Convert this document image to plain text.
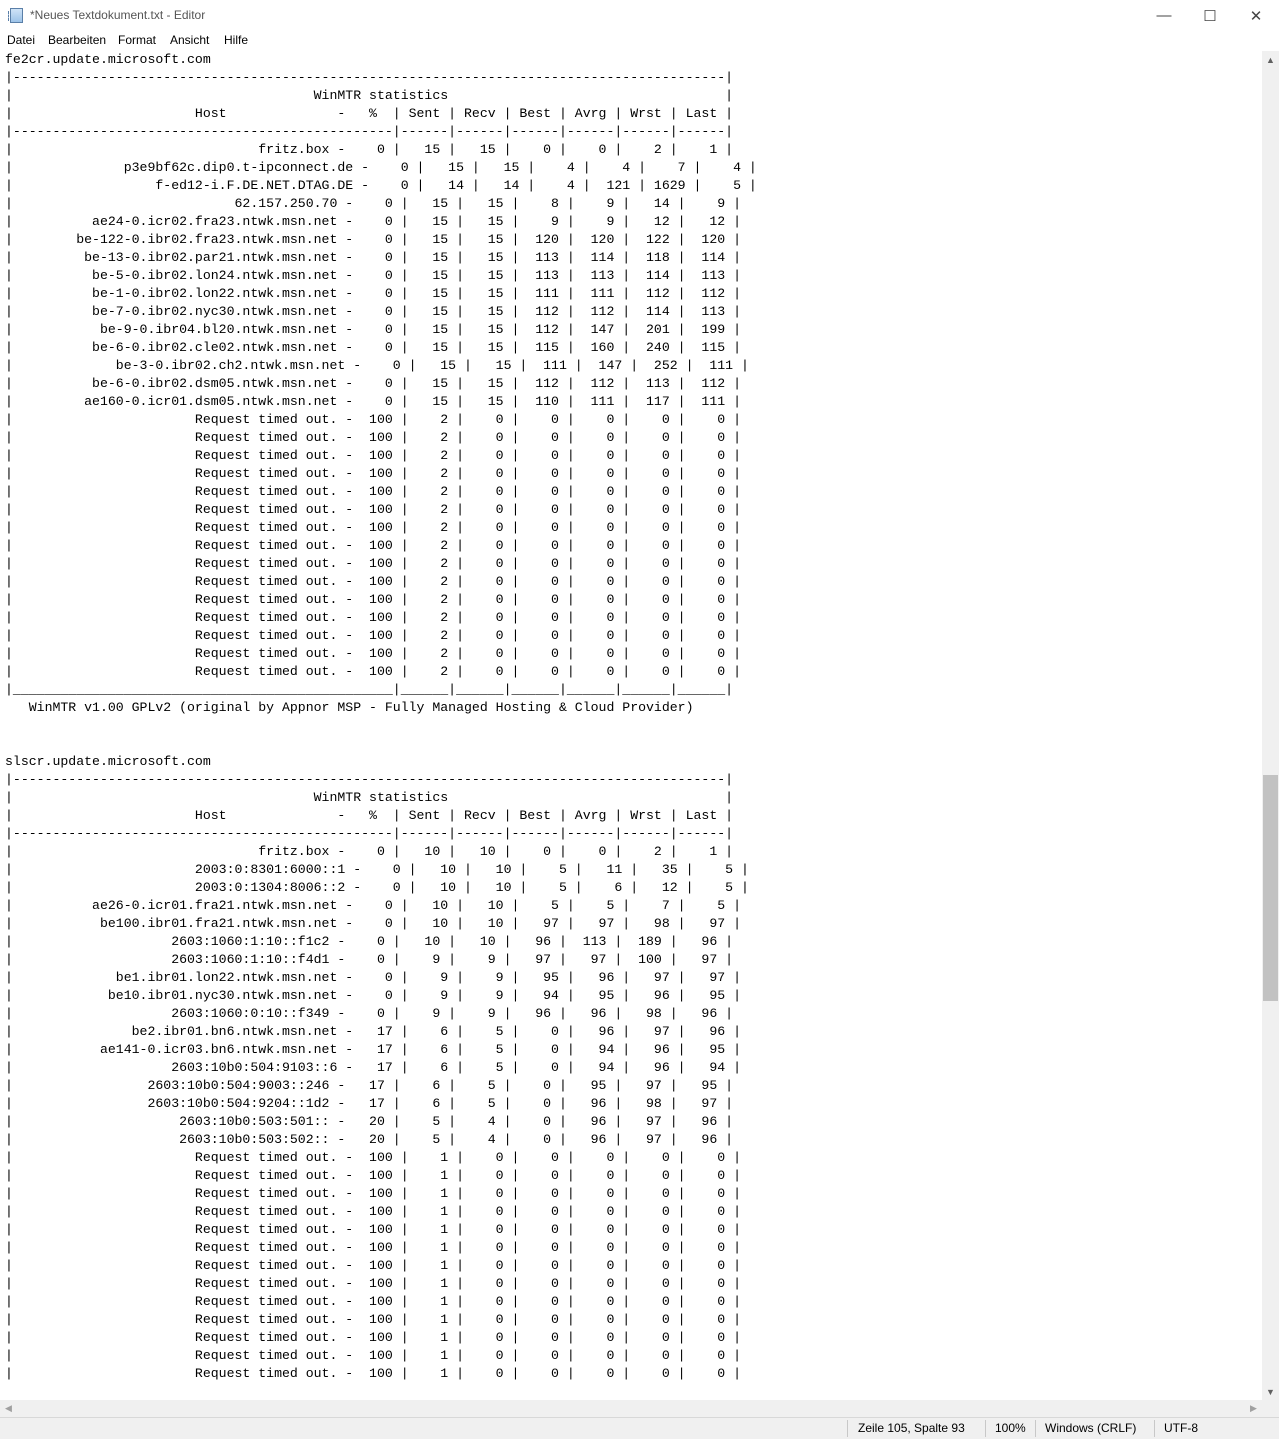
*Neues Textdokument.txt - Editor	—	☐	✕
Datei Bearbeiten Format Ansicht Hilfe
fe2cr.update.microsoft.com
|------------------------------------------------------------------------------------------|
|                                      WinMTR statistics                                   |
|                       Host              -   %  | Sent | Recv | Best | Avrg | Wrst | Last |
|------------------------------------------------|------|------|------|------|------|------|
|                               fritz.box -    0 |   15 |   15 |    0 |    0 |    2 |    1 |
|              p3e9bf62c.dip0.t-ipconnect.de -    0 |   15 |   15 |    4 |    4 |    7 |    4 |
|                  f-ed12-i.F.DE.NET.DTAG.DE -    0 |   14 |   14 |    4 |  121 | 1629 |    5 |
|                            62.157.250.70 -    0 |   15 |   15 |    8 |    9 |   14 |    9 |
|          ae24-0.icr02.fra23.ntwk.msn.net -    0 |   15 |   15 |    9 |    9 |   12 |   12 |
|        be-122-0.ibr02.fra23.ntwk.msn.net -    0 |   15 |   15 |  120 |  120 |  122 |  120 |
|         be-13-0.ibr02.par21.ntwk.msn.net -    0 |   15 |   15 |  113 |  114 |  118 |  114 |
|          be-5-0.ibr02.lon24.ntwk.msn.net -    0 |   15 |   15 |  113 |  113 |  114 |  113 |
|          be-1-0.ibr02.lon22.ntwk.msn.net -    0 |   15 |   15 |  111 |  111 |  112 |  112 |
|          be-7-0.ibr02.nyc30.ntwk.msn.net -    0 |   15 |   15 |  112 |  112 |  114 |  113 |
|           be-9-0.ibr04.bl20.ntwk.msn.net -    0 |   15 |   15 |  112 |  147 |  201 |  199 |
|          be-6-0.ibr02.cle02.ntwk.msn.net -    0 |   15 |   15 |  115 |  160 |  240 |  115 |
|             be-3-0.ibr02.ch2.ntwk.msn.net -    0 |   15 |   15 |  111 |  147 |  252 |  111 |
|          be-6-0.ibr02.dsm05.ntwk.msn.net -    0 |   15 |   15 |  112 |  112 |  113 |  112 |
|         ae160-0.icr01.dsm05.ntwk.msn.net -    0 |   15 |   15 |  110 |  111 |  117 |  111 |
|                       Request timed out. -  100 |    2 |    0 |    0 |    0 |    0 |    0 |
|                       Request timed out. -  100 |    2 |    0 |    0 |    0 |    0 |    0 |
|                       Request timed out. -  100 |    2 |    0 |    0 |    0 |    0 |    0 |
|                       Request timed out. -  100 |    2 |    0 |    0 |    0 |    0 |    0 |
|                       Request timed out. -  100 |    2 |    0 |    0 |    0 |    0 |    0 |
|                       Request timed out. -  100 |    2 |    0 |    0 |    0 |    0 |    0 |
|                       Request timed out. -  100 |    2 |    0 |    0 |    0 |    0 |    0 |
|                       Request timed out. -  100 |    2 |    0 |    0 |    0 |    0 |    0 |
|                       Request timed out. -  100 |    2 |    0 |    0 |    0 |    0 |    0 |
|                       Request timed out. -  100 |    2 |    0 |    0 |    0 |    0 |    0 |
|                       Request timed out. -  100 |    2 |    0 |    0 |    0 |    0 |    0 |
|                       Request timed out. -  100 |    2 |    0 |    0 |    0 |    0 |    0 |
|                       Request timed out. -  100 |    2 |    0 |    0 |    0 |    0 |    0 |
|                       Request timed out. -  100 |    2 |    0 |    0 |    0 |    0 |    0 |
|                       Request timed out. -  100 |    2 |    0 |    0 |    0 |    0 |    0 |
|________________________________________________|______|______|______|______|______|______|
WinMTR v1.00 GPLv2 (original by Appnor MSP - Fully Managed Hosting & Cloud Provider)

slscr.update.microsoft.com
|------------------------------------------------------------------------------------------|
|                                      WinMTR statistics                                   |
|                       Host              -   %  | Sent | Recv | Best | Avrg | Wrst | Last |
|------------------------------------------------|------|------|------|------|------|------|
|                               fritz.box -    0 |   10 |   10 |    0 |    0 |    2 |    1 |
|                       2003:0:8301:6000::1 -    0 |   10 |   10 |    5 |   11 |   35 |    5 |
|                       2003:0:1304:8006::2 -    0 |   10 |   10 |    5 |    6 |   12 |    5 |
|          ae26-0.icr01.fra21.ntwk.msn.net -    0 |   10 |   10 |    5 |    5 |    7 |    5 |
|           be100.ibr01.fra21.ntwk.msn.net -    0 |   10 |   10 |   97 |   97 |   98 |   97 |
|                    2603:1060:1:10::f1c2 -    0 |   10 |   10 |   96 |  113 |  189 |   96 |
|                    2603:1060:1:10::f4d1 -    0 |    9 |    9 |   97 |   97 |  100 |   97 |
|             be1.ibr01.lon22.ntwk.msn.net -    0 |    9 |    9 |   95 |   96 |   97 |   97 |
|            be10.ibr01.nyc30.ntwk.msn.net -    0 |    9 |    9 |   94 |   95 |   96 |   95 |
|                    2603:1060:0:10::f349 -    0 |    9 |    9 |   96 |   96 |   98 |   96 |
|               be2.ibr01.bn6.ntwk.msn.net -   17 |    6 |    5 |    0 |   96 |   97 |   96 |
|           ae141-0.icr03.bn6.ntwk.msn.net -   17 |    6 |    5 |    0 |   94 |   96 |   95 |
|                    2603:10b0:504:9103::6 -   17 |    6 |    5 |    0 |   94 |   96 |   94 |
|                 2603:10b0:504:9003::246 -   17 |    6 |    5 |    0 |   95 |   97 |   95 |
|                 2603:10b0:504:9204::1d2 -   17 |    6 |    5 |    0 |   96 |   98 |   97 |
|                     2603:10b0:503:501:: -   20 |    5 |    4 |    0 |   96 |   97 |   96 |
|                     2603:10b0:503:502:: -   20 |    5 |    4 |    0 |   96 |   97 |   96 |
|                       Request timed out. -  100 |    1 |    0 |    0 |    0 |    0 |    0 |
|                       Request timed out. -  100 |    1 |    0 |    0 |    0 |    0 |    0 |
|                       Request timed out. -  100 |    1 |    0 |    0 |    0 |    0 |    0 |
|                       Request timed out. -  100 |    1 |    0 |    0 |    0 |    0 |    0 |
|                       Request timed out. -  100 |    1 |    0 |    0 |    0 |    0 |    0 |
|                       Request timed out. -  100 |    1 |    0 |    0 |    0 |    0 |    0 |
|                       Request timed out. -  100 |    1 |    0 |    0 |    0 |    0 |    0 |
|                       Request timed out. -  100 |    1 |    0 |    0 |    0 |    0 |    0 |
|                       Request timed out. -  100 |    1 |    0 |    0 |    0 |    0 |    0 |
|                       Request timed out. -  100 |    1 |    0 |    0 |    0 |    0 |    0 |
|                       Request timed out. -  100 |    1 |    0 |    0 |    0 |    0 |    0 |
|                       Request timed out. -  100 |    1 |    0 |    0 |    0 |    0 |    0 |
|                       Request timed out. -  100 |    1 |    0 |    0 |    0 |    0 |    0 |
▲
▼
◀	▶
Zeile 105, Spalte 93	100% Windows (CRLF) UTF-8
